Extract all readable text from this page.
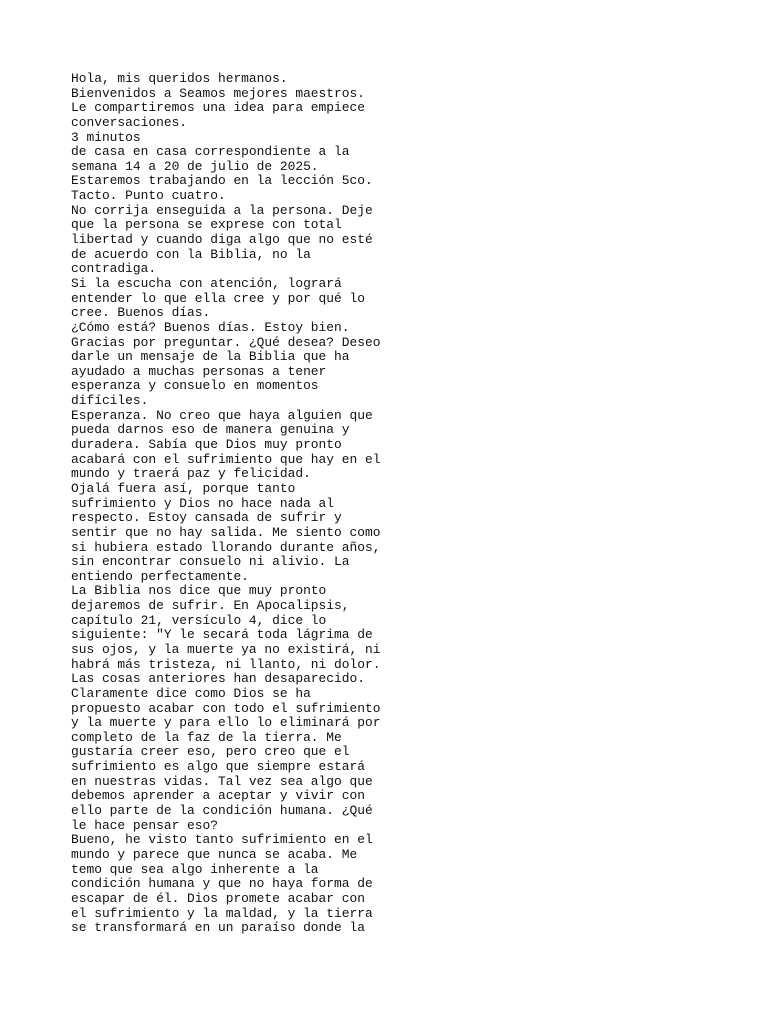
Hola, mis queridos hermanos.
Bienvenidos a Seamos mejores maestros.
Le compartiremos una idea para empiece
conversaciones.
3 minutos
de casa en casa correspondiente a la
semana 14 a 20 de julio de 2025.
Estaremos trabajando en la lección 5co.
Tacto. Punto cuatro.
No corrija enseguida a la persona. Deje
que la persona se exprese con total
libertad y cuando diga algo que no esté
de acuerdo con la Biblia, no la
contradiga.
Si la escucha con atención, logrará
entender lo que ella cree y por qué lo
cree. Buenos días.
¿Cómo está? Buenos días. Estoy bien.
Gracias por preguntar. ¿Qué desea? Deseo
darle un mensaje de la Biblia que ha
ayudado a muchas personas a tener
esperanza y consuelo en momentos
difíciles.
Esperanza. No creo que haya alguien que
pueda darnos eso de manera genuina y
duradera. Sabía que Dios muy pronto
acabará con el sufrimiento que hay en el
mundo y traerá paz y felicidad.
Ojalá fuera así, porque tanto
sufrimiento y Dios no hace nada al
respecto. Estoy cansada de sufrir y
sentir que no hay salida. Me siento como
si hubiera estado llorando durante años,
sin encontrar consuelo ni alivio. La
entiendo perfectamente.
La Biblia nos dice que muy pronto
dejaremos de sufrir. En Apocalipsis,
capítulo 21, versículo 4, dice lo
siguiente: "Y le secará toda lágrima de
sus ojos, y la muerte ya no existirá, ni
habrá más tristeza, ni llanto, ni dolor.
Las cosas anteriores han desaparecido.
Claramente dice como Dios se ha
propuesto acabar con todo el sufrimiento
y la muerte y para ello lo eliminará por
completo de la faz de la tierra. Me
gustaría creer eso, pero creo que el
sufrimiento es algo que siempre estará
en nuestras vidas. Tal vez sea algo que
debemos aprender a aceptar y vivir con
ello parte de la condición humana. ¿Qué
le hace pensar eso?
Bueno, he visto tanto sufrimiento en el
mundo y parece que nunca se acaba. Me
temo que sea algo inherente a la
condición humana y que no haya forma de
escapar de él. Dios promete acabar con
el sufrimiento y la maldad, y la tierra
se transformará en un paraíso donde la
